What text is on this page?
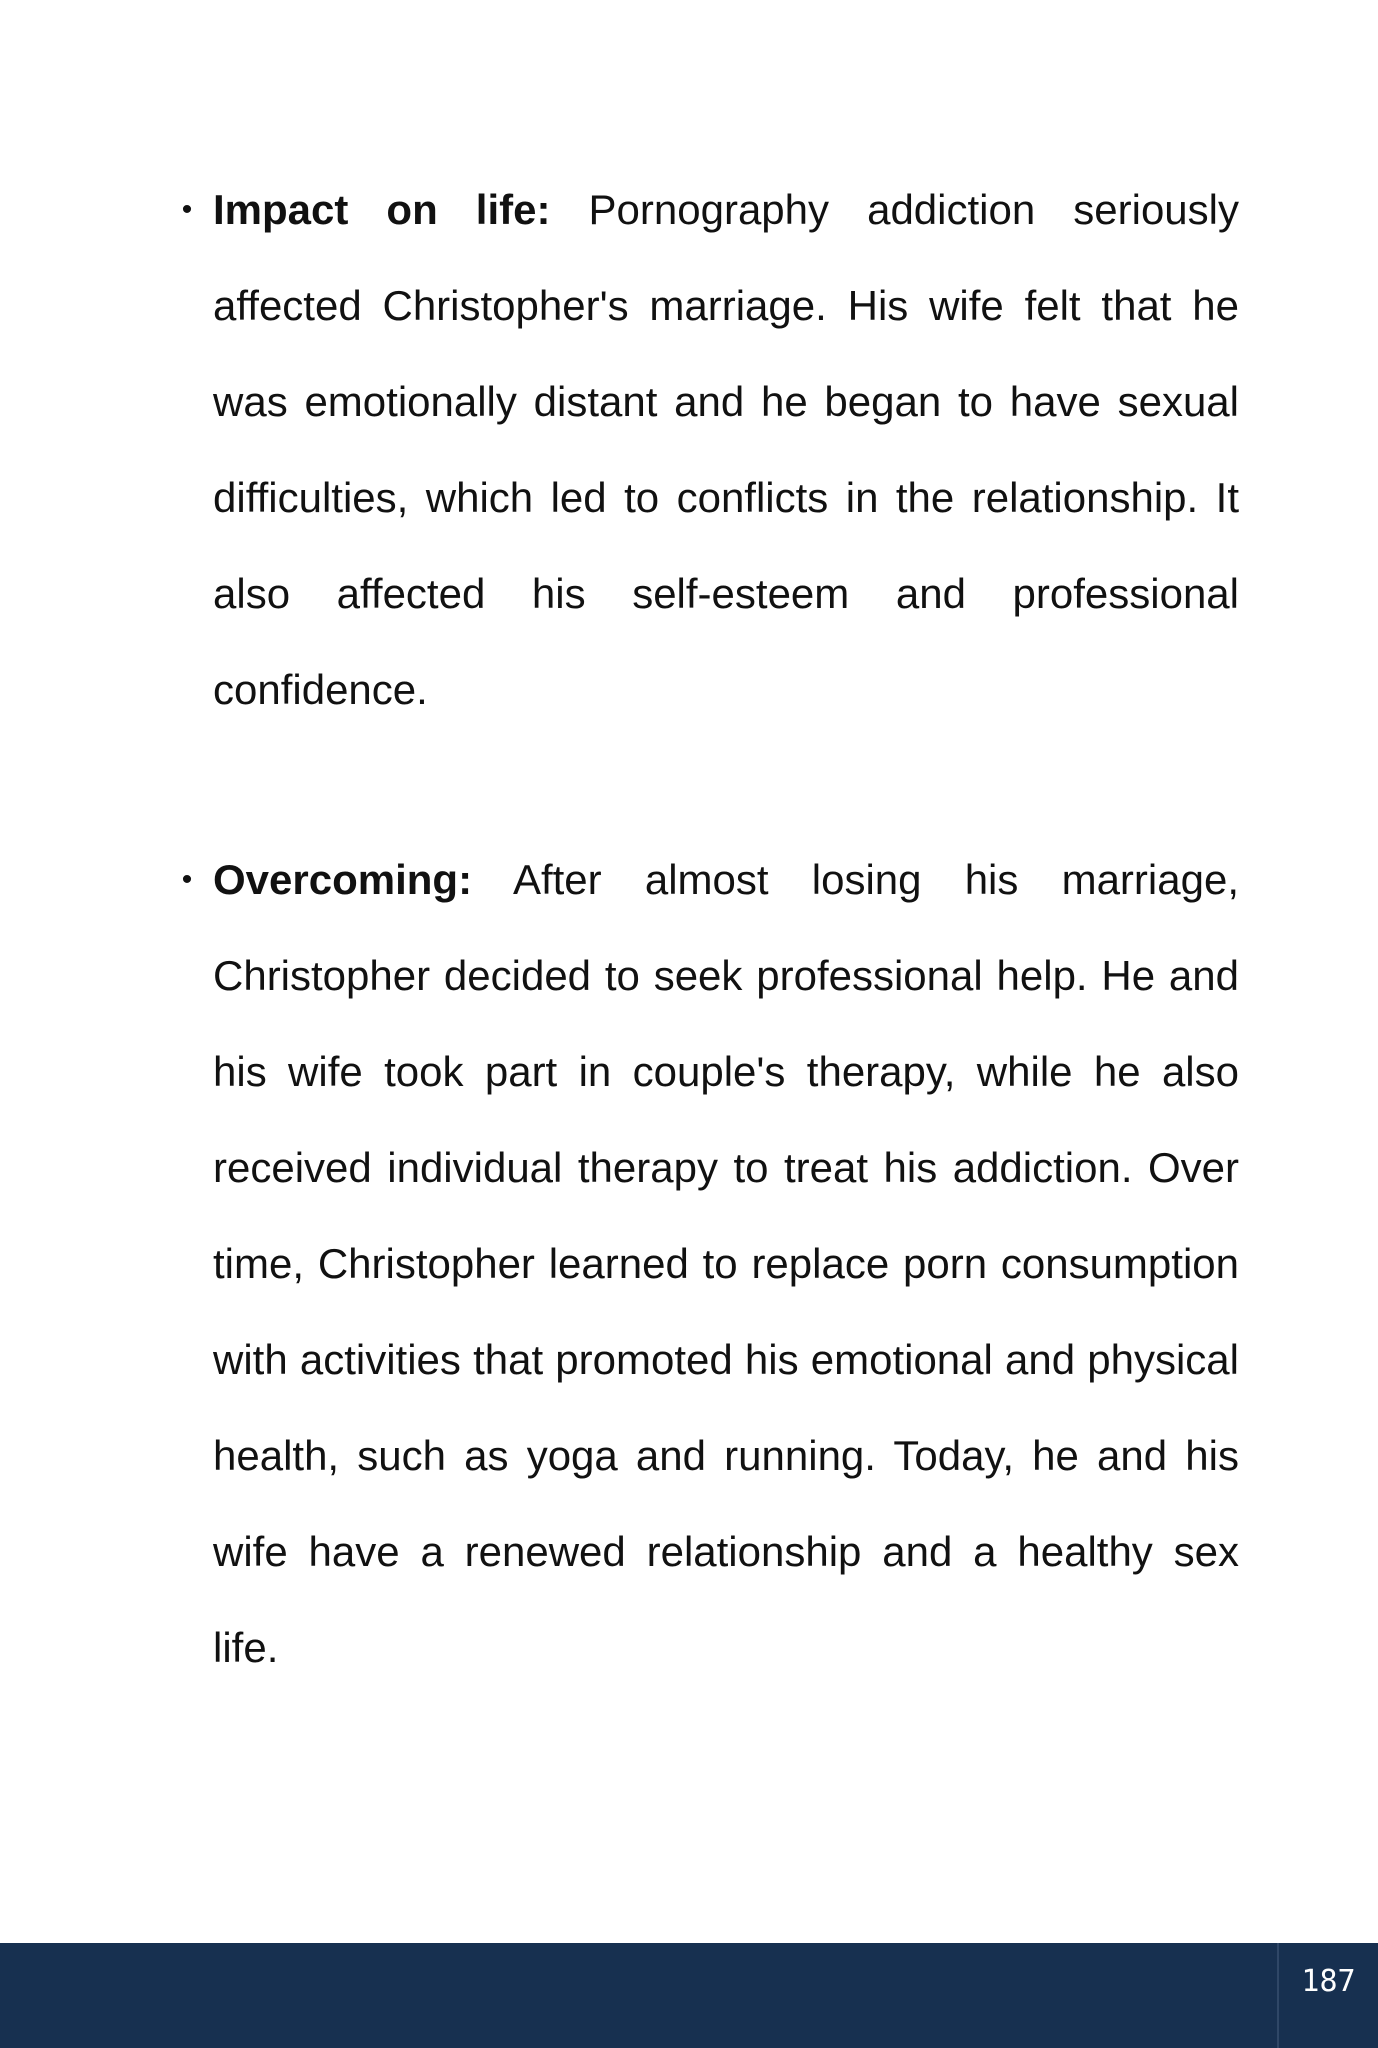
• Impact on life: Pornography addiction seriously affected Christopher's marriage. His wife felt that he was emotionally distant and he began to have sexual difficulties, which led to conflicts in the relationship. It also affected his self-esteem and professional confidence.

• Overcoming: After almost losing his marriage, Christopher decided to seek professional help. He and his wife took part in couple's therapy, while he also received individual therapy to treat his addiction. Over time, Christopher learned to replace porn consumption with activities that promoted his emotional and physical health, such as yoga and running. Today, he and his wife have a renewed relationship and a healthy sex life.

187
